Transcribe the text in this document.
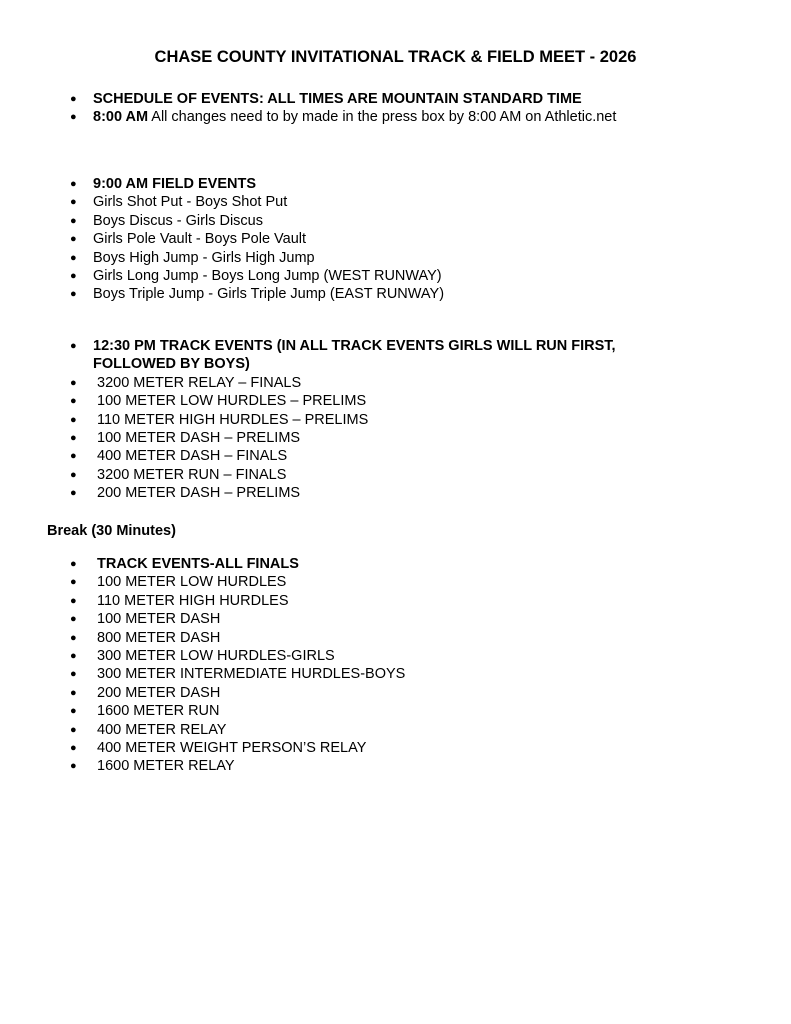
CHASE COUNTY INVITATIONAL TRACK & FIELD MEET - 2026
● SCHEDULE OF EVENTS: ALL TIMES ARE MOUNTAIN STANDARD TIME
● 8:00 AM All changes need to by made in the press box by 8:00 AM on Athletic.net
● 9:00 AM FIELD EVENTS
● Girls Shot Put - Boys Shot Put
● Boys Discus - Girls Discus
● Girls Pole Vault - Boys Pole Vault
● Boys High Jump - Girls High Jump
● Girls Long Jump - Boys Long Jump (WEST RUNWAY)
● Boys Triple Jump - Girls Triple Jump (EAST RUNWAY)
● 12:30 PM TRACK EVENTS (IN ALL TRACK EVENTS GIRLS WILL RUN FIRST, FOLLOWED BY BOYS)
● 3200 METER RELAY – FINALS
● 100 METER LOW HURDLES – PRELIMS
● 110 METER HIGH HURDLES – PRELIMS
● 100 METER DASH – PRELIMS
● 400 METER DASH – FINALS
● 3200 METER RUN – FINALS
● 200 METER DASH – PRELIMS
Break (30 Minutes)
● TRACK EVENTS-ALL FINALS
● 100 METER LOW HURDLES
● 110 METER HIGH HURDLES
● 100 METER DASH
● 800 METER DASH
● 300 METER LOW HURDLES-GIRLS
● 300 METER INTERMEDIATE HURDLES-BOYS
● 200 METER DASH
● 1600 METER RUN
● 400 METER RELAY
● 400 METER WEIGHT PERSON’S RELAY
● 1600 METER RELAY
